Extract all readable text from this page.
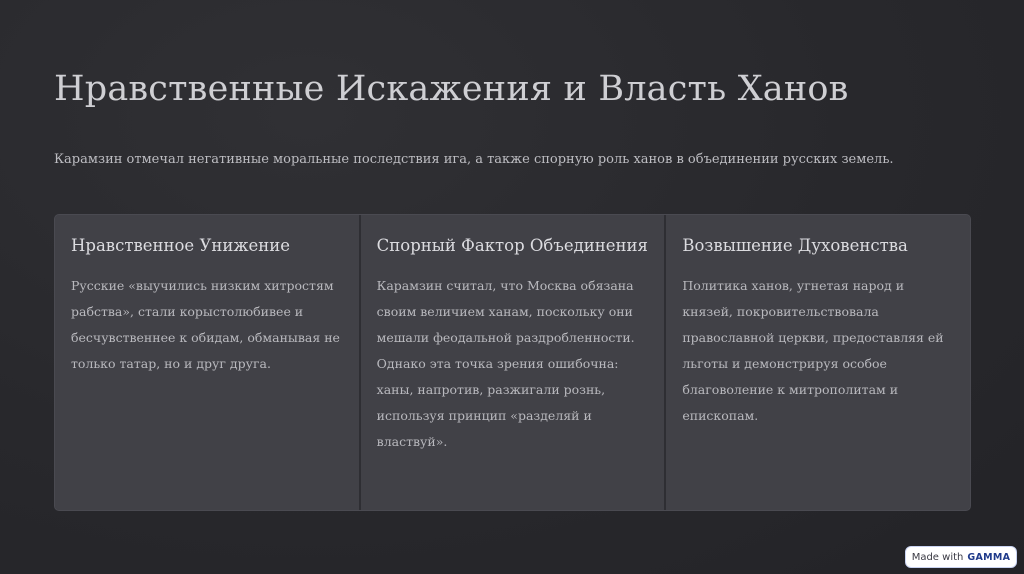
Нравственные Искажения и Власть Ханов

Карамзин отмечал негативные моральные последствия ига, а также спорную роль ханов в объединении русских земель.

Нравственное Унижение

Русские «выучились низким хитростям рабства», стали корыстолюбивее и бесчувственнее к обидам, обманывая не только татар, но и друг друга.

Спорный Фактор Объединения

Карамзин считал, что Москва обязана своим величием ханам, поскольку они мешали феодальной раздробленности. Однако эта точка зрения ошибочна: ханы, напротив, разжигали рознь, используя принцип «разделяй и властвуй».

Возвышение Духовенства

Политика ханов, угнетая народ и князей, покровительствовала православной церкви, предоставляя ей льготы и демонстрируя особое благоволение к митрополитам и епископам.

Made with GAMMA
